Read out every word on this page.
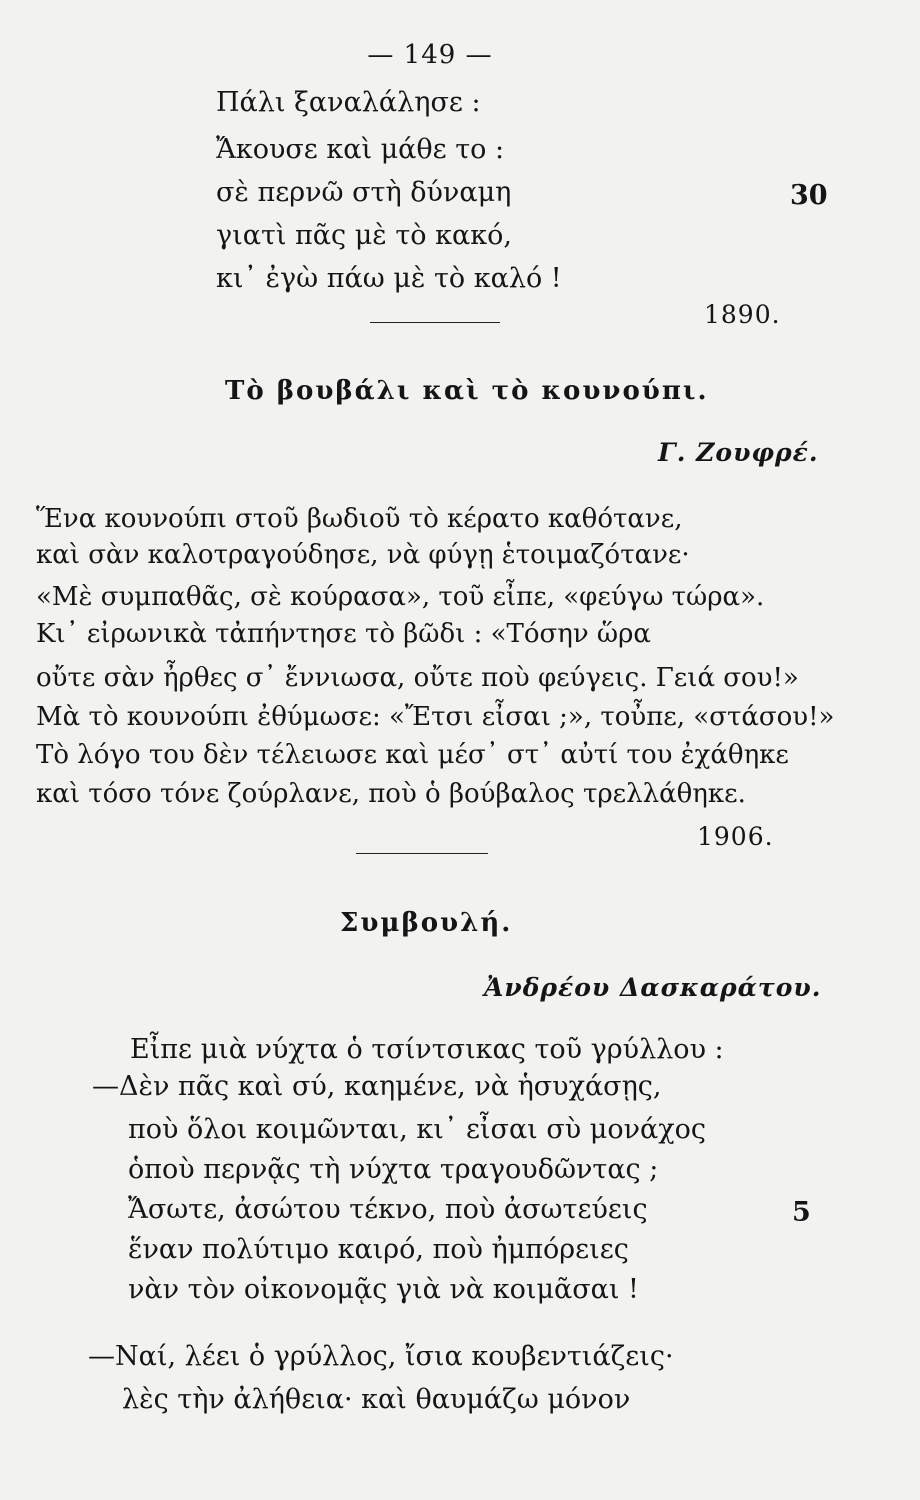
— 149 —
Πάλι ξαναλάλησε :
Ἄκουσε καὶ μάθε το :
σὲ περνῶ στὴ δύναμη
γιατὶ πᾶς μὲ τὸ κακό,
κι᾿ ἐγὼ πάω μὲ τὸ καλό !
30
1890.
Τὸ βουβάλι καὶ τὸ κουνούπι.
Γ. Ζουφρέ.
Ἕνα κουνούπι στοῦ βωδιοῦ τὸ κέρατο καθότανε,
καὶ σὰν καλοτραγούδησε, νὰ φύγῃ ἑτοιμαζότανε·
«Μὲ συμπαθᾶς, σὲ κούρασα», τοῦ εἶπε, «φεύγω τώρα».
Κι᾿ εἰρωνικὰ τἀπήντησε τὸ βῶδι : «Τόσην ὥρα
οὔτε σὰν ἦρθες σ᾿ ἔννιωσα, οὔτε ποὺ φεύγεις. Γειά σου!»
Μὰ τὸ κουνούπι ἐθύμωσε: «Ἔτσι εἶσαι ;», τοὖπε, «στάσου!»
Τὸ λόγο του δὲν τέλειωσε καὶ μέσ᾿ στ᾿ αὐτί του ἐχάθηκε
καὶ τόσο τόνε ζούρλανε, ποὺ ὁ βούβαλος τρελλάθηκε.
1906.
Συμβουλή.
Ἀνδρέου Δασκαράτου.
Εἶπε μιὰ νύχτα ὁ τσίντσικας τοῦ γρύλλου :
—Δὲν πᾶς καὶ σύ, καημένε, νὰ ἡσυχάσῃς,
ποὺ ὅλοι κοιμῶνται, κι᾿ εἶσαι σὺ μονάχος
ὁποὺ περνᾷς τὴ νύχτα τραγουδῶντας ;
Ἄσωτε, ἀσώτου τέκνο, ποὺ ἀσωτεύεις
ἕναν πολύτιμο καιρό, ποὺ ἠμπόρειες
νὰν τὸν οἰκονομᾷς γιὰ νὰ κοιμᾶσαι !
5
—Ναί, λέει ὁ γρύλλος, ἴσια κουβεντιάζεις·
λὲς τὴν ἀλήθεια· καὶ θαυμάζω μόνον
